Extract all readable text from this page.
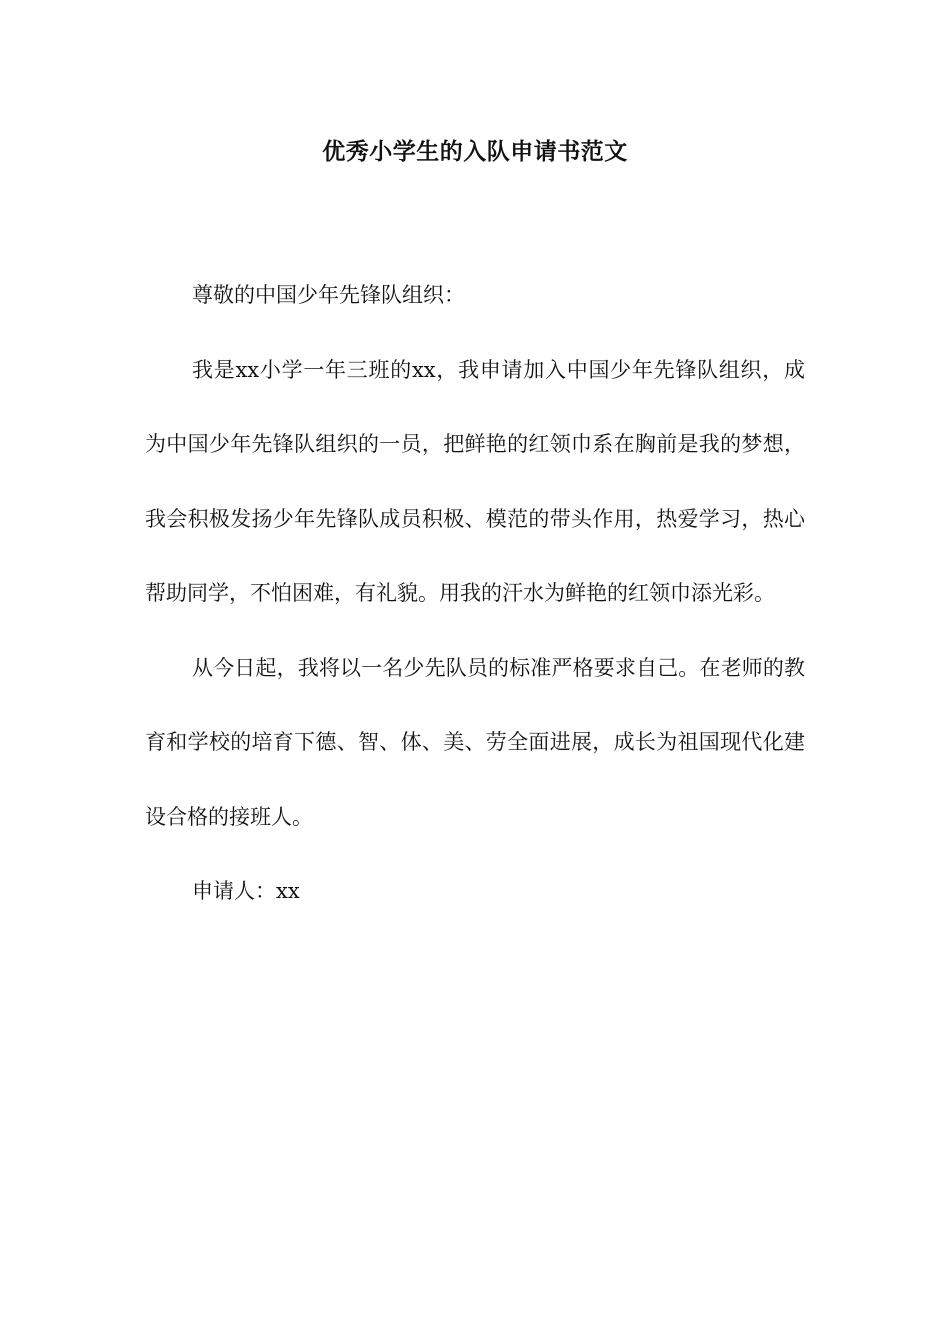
优秀小学生的入队申请书范文

尊敬的中国少年先锋队组织：

我是xx小学一年三班的xx，我申请加入中国少年先锋队组织，成为中国少年先锋队组织的一员，把鲜艳的红领巾系在胸前是我的梦想，我会积极发扬少年先锋队成员积极、模范的带头作用，热爱学习，热心帮助同学，不怕困难，有礼貌。用我的汗水为鲜艳的红领巾添光彩。

从今日起，我将以一名少先队员的标准严格要求自己。在老师的教育和学校的培育下德、智、体、美、劳全面进展，成长为祖国现代化建设合格的接班人。

申请人：xx
